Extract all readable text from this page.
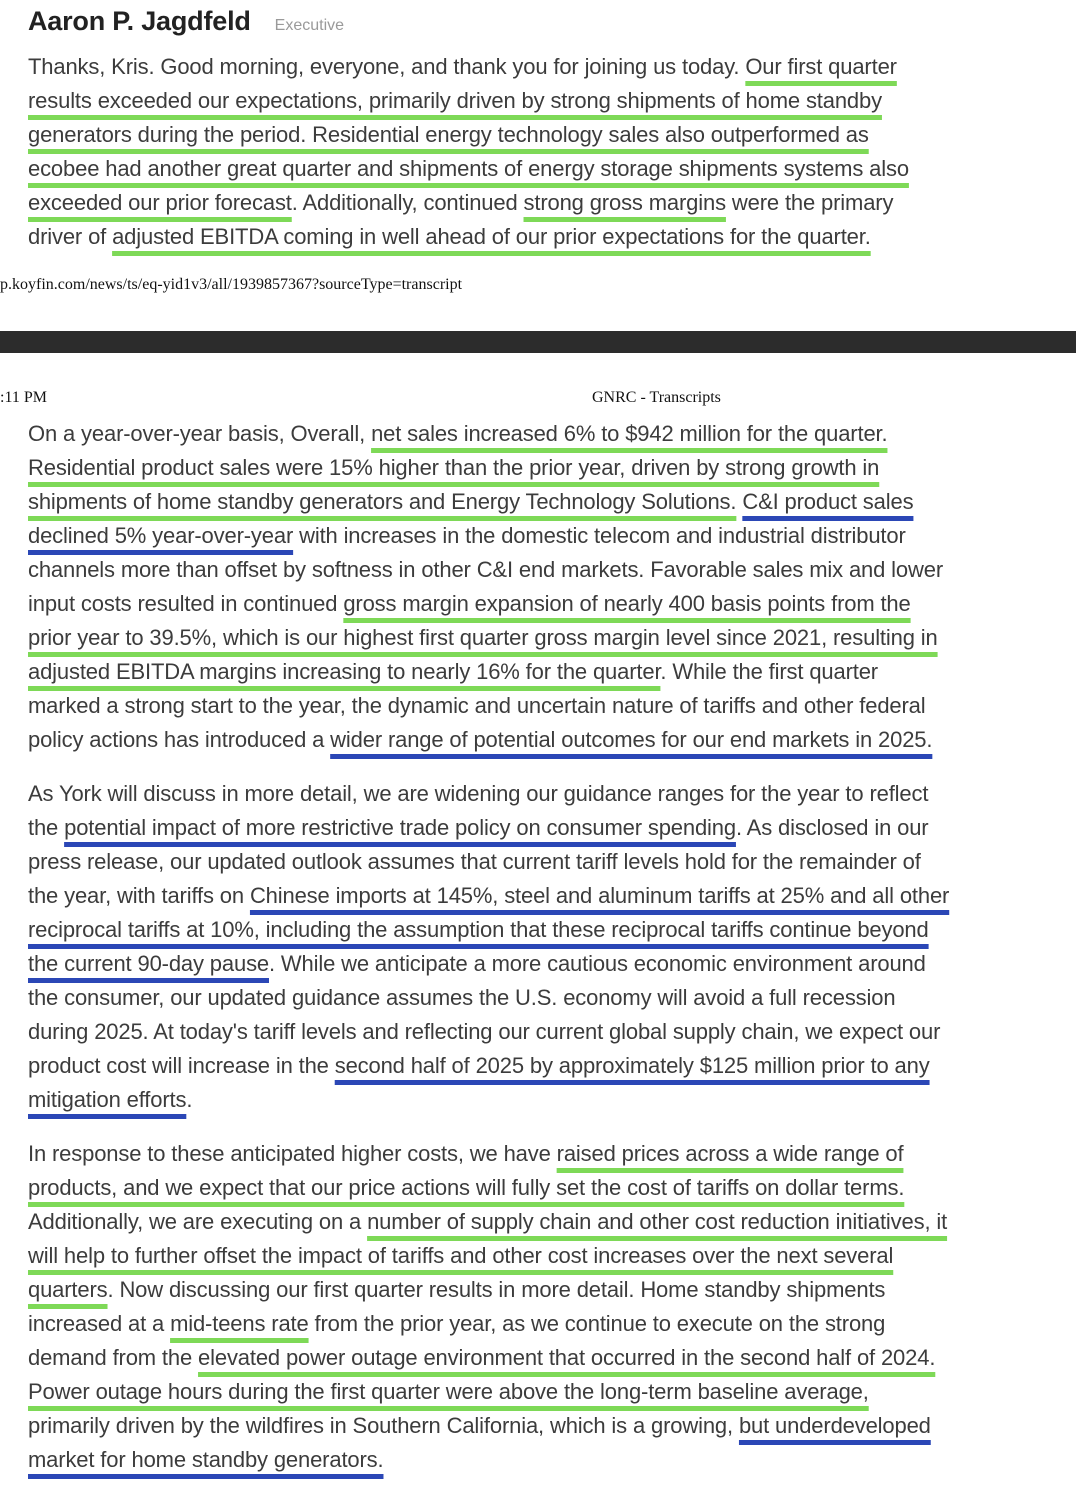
Aaron P. Jagdfeld Executive

Thanks, Kris. Good morning, everyone, and thank you for joining us today. Our first quarter
results exceeded our expectations, primarily driven by strong shipments of home standby
generators during the period. Residential energy technology sales also outperformed as
ecobee had another great quarter and shipments of energy storage shipments systems also
exceeded our prior forecast. Additionally, continued strong gross margins were the primary
driver of adjusted EBITDA coming in well ahead of our prior expectations for the quarter.

p.koyfin.com/news/ts/eq-yid1v3/all/1939857367?sourceType=transcript
:11 PM	GNRC - Transcripts

On a year-over-year basis, Overall, net sales increased 6% to $942 million for the quarter.
Residential product sales were 15% higher than the prior year, driven by strong growth in
shipments of home standby generators and Energy Technology Solutions. C&I product sales
declined 5% year-over-year with increases in the domestic telecom and industrial distributor
channels more than offset by softness in other C&I end markets. Favorable sales mix and lower
input costs resulted in continued gross margin expansion of nearly 400 basis points from the
prior year to 39.5%, which is our highest first quarter gross margin level since 2021, resulting in
adjusted EBITDA margins increasing to nearly 16% for the quarter. While the first quarter
marked a strong start to the year, the dynamic and uncertain nature of tariffs and other federal
policy actions has introduced a wider range of potential outcomes for our end markets in 2025.

As York will discuss in more detail, we are widening our guidance ranges for the year to reflect
the potential impact of more restrictive trade policy on consumer spending. As disclosed in our
press release, our updated outlook assumes that current tariff levels hold for the remainder of
the year, with tariffs on Chinese imports at 145%, steel and aluminum tariffs at 25% and all other
reciprocal tariffs at 10%, including the assumption that these reciprocal tariffs continue beyond
the current 90-day pause. While we anticipate a more cautious economic environment around
the consumer, our updated guidance assumes the U.S. economy will avoid a full recession
during 2025. At today's tariff levels and reflecting our current global supply chain, we expect our
product cost will increase in the second half of 2025 by approximately $125 million prior to any
mitigation efforts.

In response to these anticipated higher costs, we have raised prices across a wide range of
products, and we expect that our price actions will fully set the cost of tariffs on dollar terms.
Additionally, we are executing on a number of supply chain and other cost reduction initiatives, it
will help to further offset the impact of tariffs and other cost increases over the next several
quarters. Now discussing our first quarter results in more detail. Home standby shipments
increased at a mid-teens rate from the prior year, as we continue to execute on the strong
demand from the elevated power outage environment that occurred in the second half of 2024.
Power outage hours during the first quarter were above the long-term baseline average,
primarily driven by the wildfires in Southern California, which is a growing, but underdeveloped
market for home standby generators.
